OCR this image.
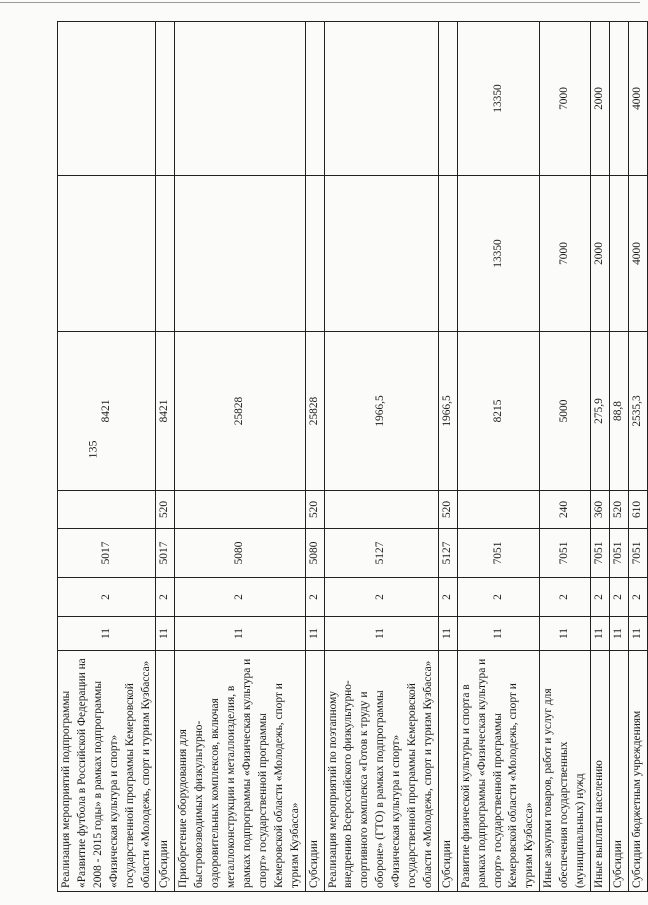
135
Реализация мероприятий подпрограммы «Развитие футбола в Российской Федерации на 2008 - 2015 годы» в рамках подпрограммы «Физическая культура и спорт» государственной программы Кемеровской области «Молодежь, спорт и туризм Кузбасса»	11	2	5017		8421		
Субсидии	11	2	5017	520	8421		
Приобретение оборудования для быстровозводимых физкультурно-оздоровительных комплексов, включая металлоконструкции и металлоизделия, в рамках подпрограммы «Физическая культура и спорт» государственной программы Кемеровской области «Молодежь, спорт и туризм Кузбасса»	11	2	5080		25828		
Субсидии	11	2	5080	520	25828		
Реализация мероприятий по поэтапному внедрению Всероссийского физкультурно-спортивного комплекса «Готов к труду и обороне» (ГТО) в рамках подпрограммы «Физическая культура и спорт» государственной программы Кемеровской области «Молодежь, спорт и туризм Кузбасса»	11	2	5127		1966,5		
Субсидии	11	2	5127	520	1966,5		
Развитие физической культуры и спорта в рамках подпрограммы «Физическая культура и спорт» государственной программы Кемеровской области «Молодежь, спорт и туризм Кузбасса»	11	2	7051		8215	13350	13350
Иные закупки товаров, работ и услуг для обеспечения государственных (муниципальных) нужд	11	2	7051	240	5000	7000	7000
Иные выплаты населению	11	2	7051	360	275,9	2000	2000
Субсидии	11	2	7051	520	88,8		
Субсидии бюджетным учреждениям	11	2	7051	610	2535,3	4000	4000
